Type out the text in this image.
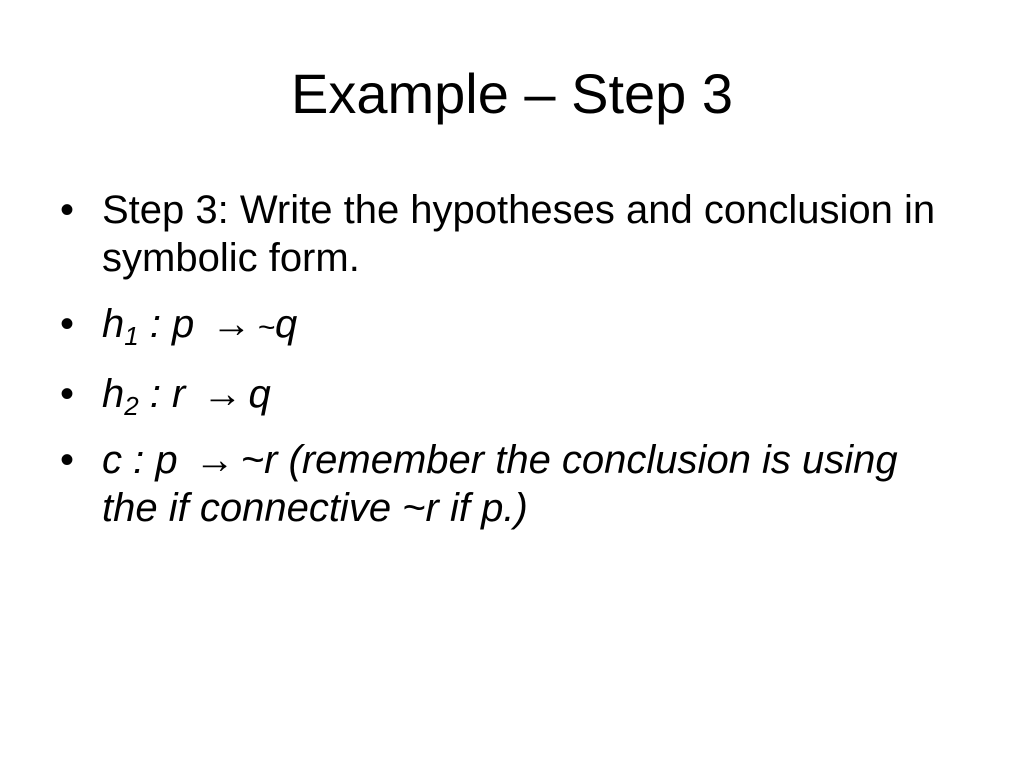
Example – Step 3
• Step 3: Write the hypotheses and conclusion in symbolic form.
• $h_1$ : p → ~q
• $h_2$ : r → q
• c : p → ~r (remember the conclusion is using the if connective ~r if p.)
